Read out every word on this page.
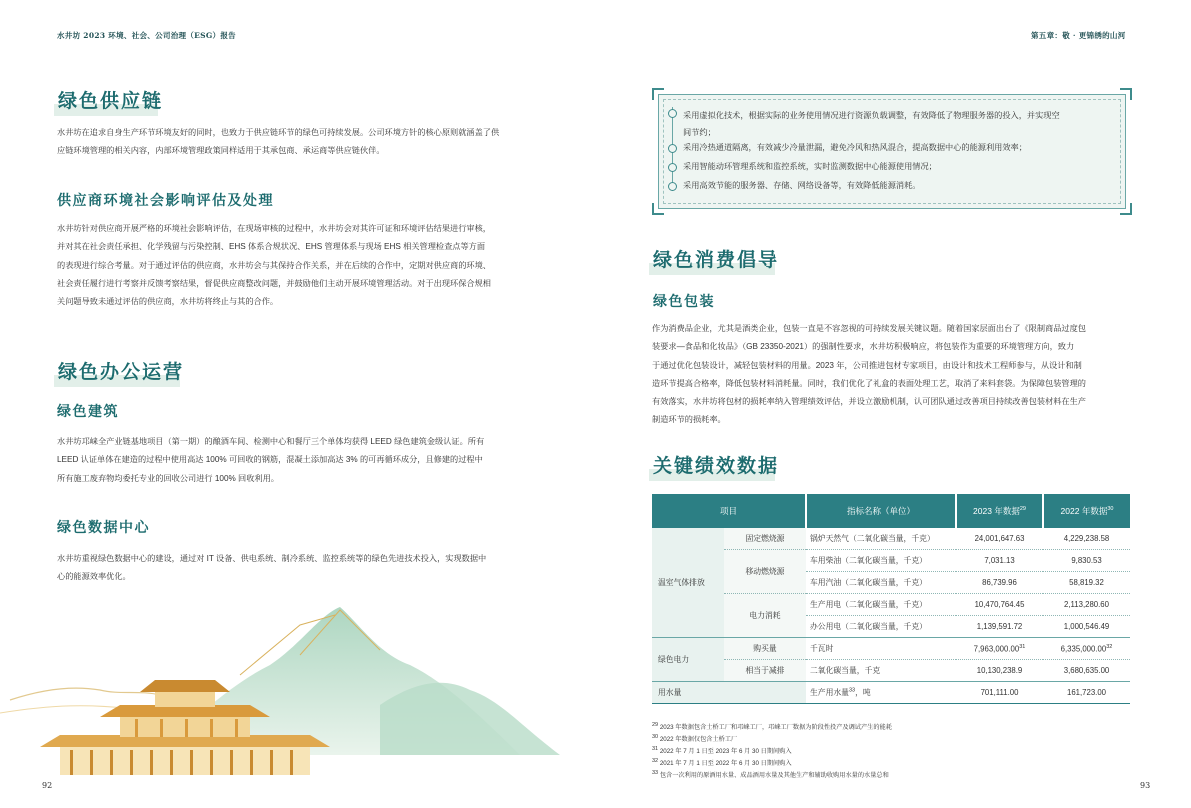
水井坊 2023 环境、社会、公司治理（ESG）报告
绿色供应链
水井坊在追求自身生产环节环境友好的同时，也致力于供应链环节的绿色可持续发展。公司环境方针的核心原则就涵盖了供
应链环境管理的相关内容，内部环境管理政策同样适用于其承包商、承运商等供应链伙伴。
供应商环境社会影响评估及处理
水井坊针对供应商开展严格的环境社会影响评估，在现场审核的过程中，水井坊会对其许可证和环境评估结果进行审核，
并对其在社会责任承担、化学残留与污染控制、EHS 体系合规状况、EHS 管理体系与现场 EHS 相关管理检查点等方面
的表现进行综合考量。对于通过评估的供应商，水井坊会与其保持合作关系，并在后续的合作中，定期对供应商的环境、
社会责任履行进行考察并反馈考察结果，督促供应商整改问题，并鼓励他们主动开展环境管理活动。对于出现环保合规相
关问题导致未通过评估的供应商，水井坊将终止与其的合作。
绿色办公运营
绿色建筑
水井坊邛崃全产业链基地项目（第一期）的酿酒车间、检测中心和餐厅三个单体均获得 LEED 绿色建筑金级认证。所有
LEED 认证单体在建造的过程中使用高达 100% 可回收的钢筋，混凝土添加高达 3% 的可再循环成分，且修建的过程中
所有施工废弃物均委托专业的回收公司进行 100% 回收利用。
绿色数据中心
水井坊重视绿色数据中心的建设，通过对 IT 设备、供电系统、制冷系统、监控系统等的绿色先进技术投入，实现数据中
心的能源效率优化。
92
第五章：敬 · 更锦绣的山河
采用虚拟化技术，根据实际的业务使用情况进行资源负载调整，有效降低了物理服务器的投入，并实现空
间节约；
采用冷热通道隔离，有效减少冷量泄漏，避免冷风和热风混合，提高数据中心的能源利用效率；
采用智能动环管理系统和监控系统，实时监测数据中心能源使用情况；
采用高效节能的服务器、存储、网络设备等，有效降低能源消耗。
绿色消费倡导
绿色包装
作为消费品企业，尤其是酒类企业，包装一直是不容忽视的可持续发展关键议题。随着国家层面出台了《限制商品过度包
装要求—食品和化妆品》（GB 23350-2021）的强制性要求，水井坊积极响应，将包装作为重要的环境管理方向，致力
于通过优化包装设计，减轻包装材料的用量。2023 年，公司推进包材专家项目，由设计和技术工程师参与，从设计和制
造环节提高合格率，降低包装材料消耗量。同时，我们优化了礼盒的表面处理工艺，取消了来料套袋。为保障包装管理的
有效落实，水井坊将包材的损耗率纳入管理绩效评估，并设立激励机制，认可团队通过改善项目持续改善包装材料在生产
制造环节的损耗率。
关键绩效数据
项目		指标名称（单位）	2023 年数据$^{29}$	2022 年数据$^{30}$
温室气体排放	固定燃烧源	锅炉天然气（二氧化碳当量，千克）	24,001,647.63	4,229,238.58
	移动燃烧源	车用柴油（二氧化碳当量，千克）	7,031.13	9,830.53
		车用汽油（二氧化碳当量，千克）	86,739.96	58,819.32
	电力消耗	生产用电（二氧化碳当量，千克）	10,470,764.45	2,113,280.60
		办公用电（二氧化碳当量，千克）	1,139,591.72	1,000,546.49
绿色电力	购买量	千瓦时	7,963,000.00$^{31}$	6,335,000.00$^{32}$
	相当于减排	二氧化碳当量，千克	10,130,238.9	3,680,635.00
用水量		生产用水量$^{33}$，吨	701,111.00	161,723.00
$^{29}$ 2023 年数据包含土桥工厂和邛崃工厂，邛崃工厂数据为阶段性投产及调试产生的能耗
$^{30}$ 2022 年数据仅包含土桥工厂
$^{31}$ 2022 年 7 月 1 日至 2023 年 6 月 30 日期间购入
$^{32}$ 2021 年 7 月 1 日至 2022 年 6 月 30 日期间购入
$^{33}$ 包含一次利用的原酒用水量、成品酒用水量及其他生产和辅助收购用水量的水量总和
93
